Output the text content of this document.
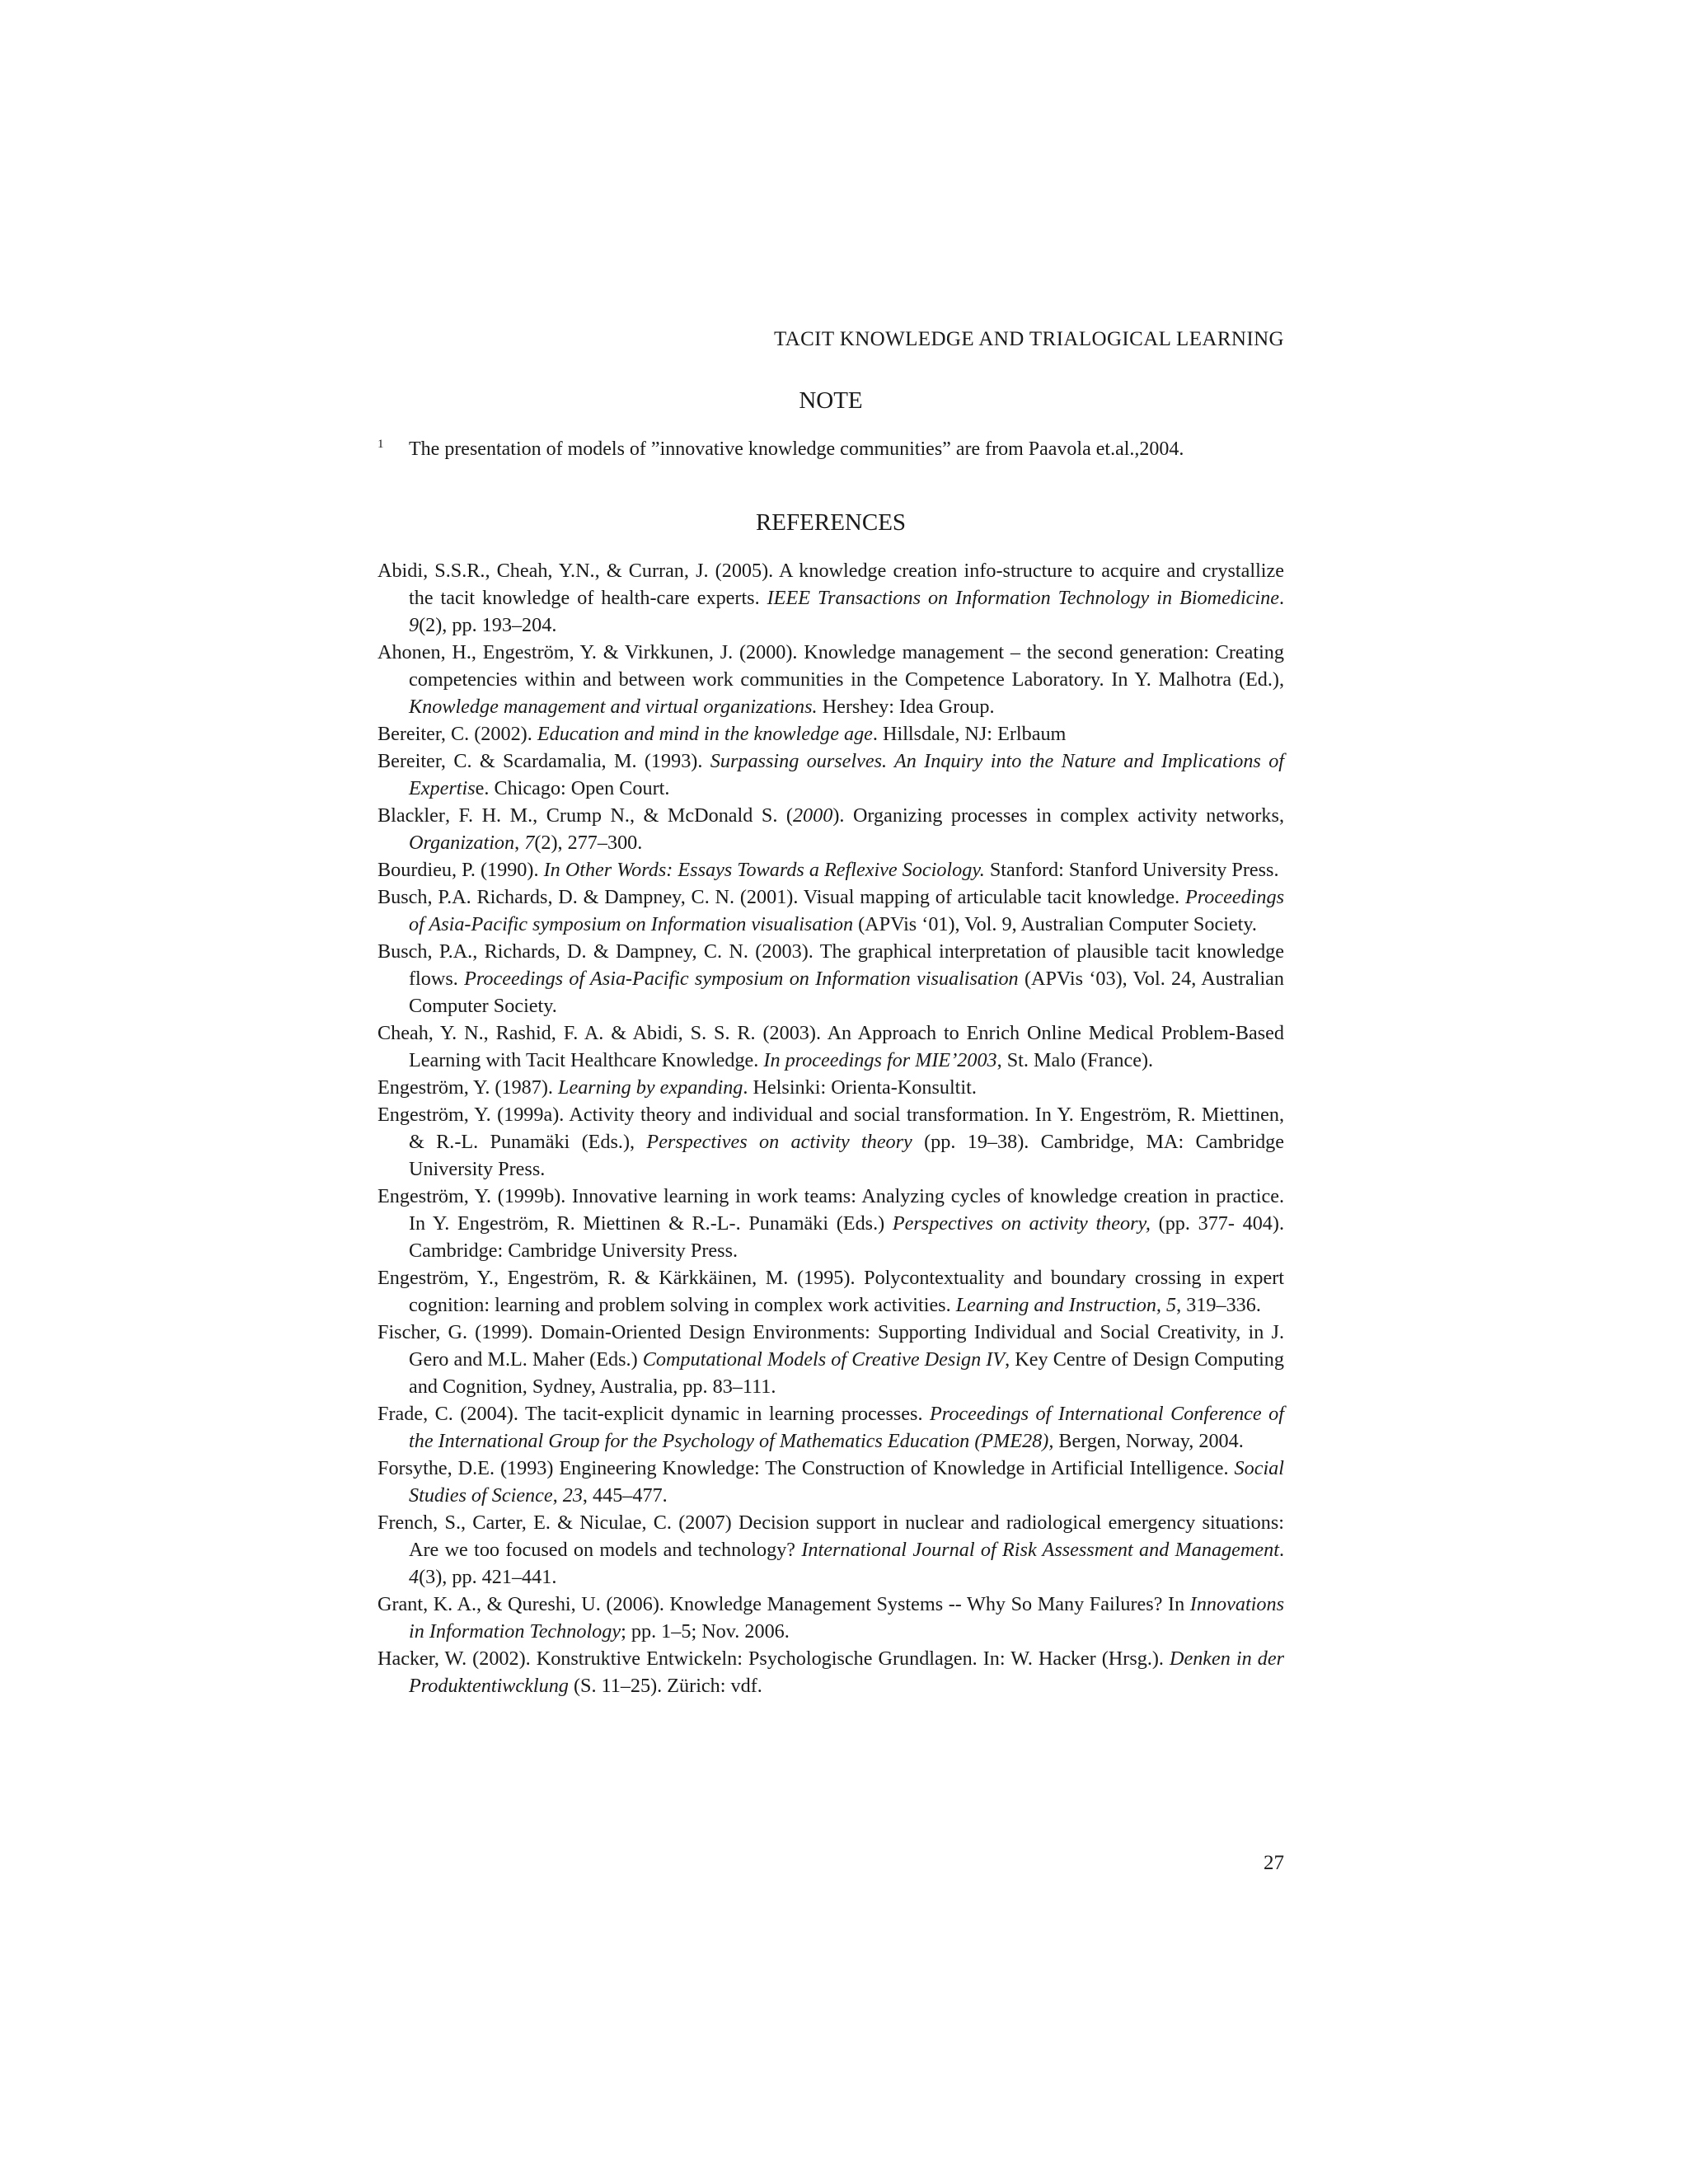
TACIT KNOWLEDGE AND TRIALOGICAL LEARNING
NOTE
1 The presentation of models of ”innovative knowledge communities” are from Paavola et.al.,2004.
REFERENCES
Abidi, S.S.R., Cheah, Y.N., & Curran, J. (2005). A knowledge creation info-structure to acquire and crystallize the tacit knowledge of health-care experts. IEEE Transactions on Information Technology in Biomedicine. 9(2), pp. 193–204.
Ahonen, H., Engeström, Y. & Virkkunen, J. (2000). Knowledge management – the second generation: Creating competencies within and between work communities in the Competence Laboratory. In Y. Malhotra (Ed.), Knowledge management and virtual organizations. Hershey: Idea Group.
Bereiter, C. (2002). Education and mind in the knowledge age. Hillsdale, NJ: Erlbaum
Bereiter, C. & Scardamalia, M. (1993). Surpassing ourselves. An Inquiry into the Nature and Implications of Expertise. Chicago: Open Court.
Blackler, F. H. M., Crump N., & McDonald S. (2000). Organizing processes in complex activity networks, Organization, 7(2), 277–300.
Bourdieu, P. (1990). In Other Words: Essays Towards a Reflexive Sociology. Stanford: Stanford University Press.
Busch, P.A. Richards, D. & Dampney, C. N. (2001). Visual mapping of articulable tacit knowledge. Proceedings of Asia-Pacific symposium on Information visualisation (APVis ‘01), Vol. 9, Australian Computer Society.
Busch, P.A., Richards, D. & Dampney, C. N. (2003). The graphical interpretation of plausible tacit knowledge flows. Proceedings of Asia-Pacific symposium on Information visualisation (APVis ‘03), Vol. 24, Australian Computer Society.
Cheah, Y. N., Rashid, F. A. & Abidi, S. S. R. (2003). An Approach to Enrich Online Medical Problem-Based Learning with Tacit Healthcare Knowledge. In proceedings for MIE’2003, St. Malo (France).
Engeström, Y. (1987). Learning by expanding. Helsinki: Orienta-Konsultit.
Engeström, Y. (1999a). Activity theory and individual and social transformation. In Y. Engeström, R. Miettinen, & R.-L. Punamäki (Eds.), Perspectives on activity theory (pp. 19–38). Cambridge, MA: Cambridge University Press.
Engeström, Y. (1999b). Innovative learning in work teams: Analyzing cycles of knowledge creation in practice. In Y. Engeström, R. Miettinen & R.-L-. Punamäki (Eds.) Perspectives on activity theory, (pp. 377- 404). Cambridge: Cambridge University Press.
Engeström, Y., Engeström, R. & Kärkkäinen, M. (1995). Polycontextuality and boundary crossing in expert cognition: learning and problem solving in complex work activities. Learning and Instruction, 5, 319–336.
Fischer, G. (1999). Domain-Oriented Design Environments: Supporting Individual and Social Creativity, in J. Gero and M.L. Maher (Eds.) Computational Models of Creative Design IV, Key Centre of Design Computing and Cognition, Sydney, Australia, pp. 83–111.
Frade, C. (2004). The tacit-explicit dynamic in learning processes. Proceedings of International Conference of the International Group for the Psychology of Mathematics Education (PME28), Bergen, Norway, 2004.
Forsythe, D.E. (1993) Engineering Knowledge: The Construction of Knowledge in Artificial Intelligence. Social Studies of Science, 23, 445–477.
French, S., Carter, E. & Niculae, C. (2007) Decision support in nuclear and radiological emergency situations: Are we too focused on models and technology? International Journal of Risk Assessment and Management. 4(3), pp. 421–441.
Grant, K. A., & Qureshi, U. (2006). Knowledge Management Systems -- Why So Many Failures? In Innovations in Information Technology; pp. 1–5; Nov. 2006.
Hacker, W. (2002). Konstruktive Entwickeln: Psychologische Grundlagen. In: W. Hacker (Hrsg.). Denken in der Produktentiwcklung (S. 11–25). Zürich: vdf.
27
